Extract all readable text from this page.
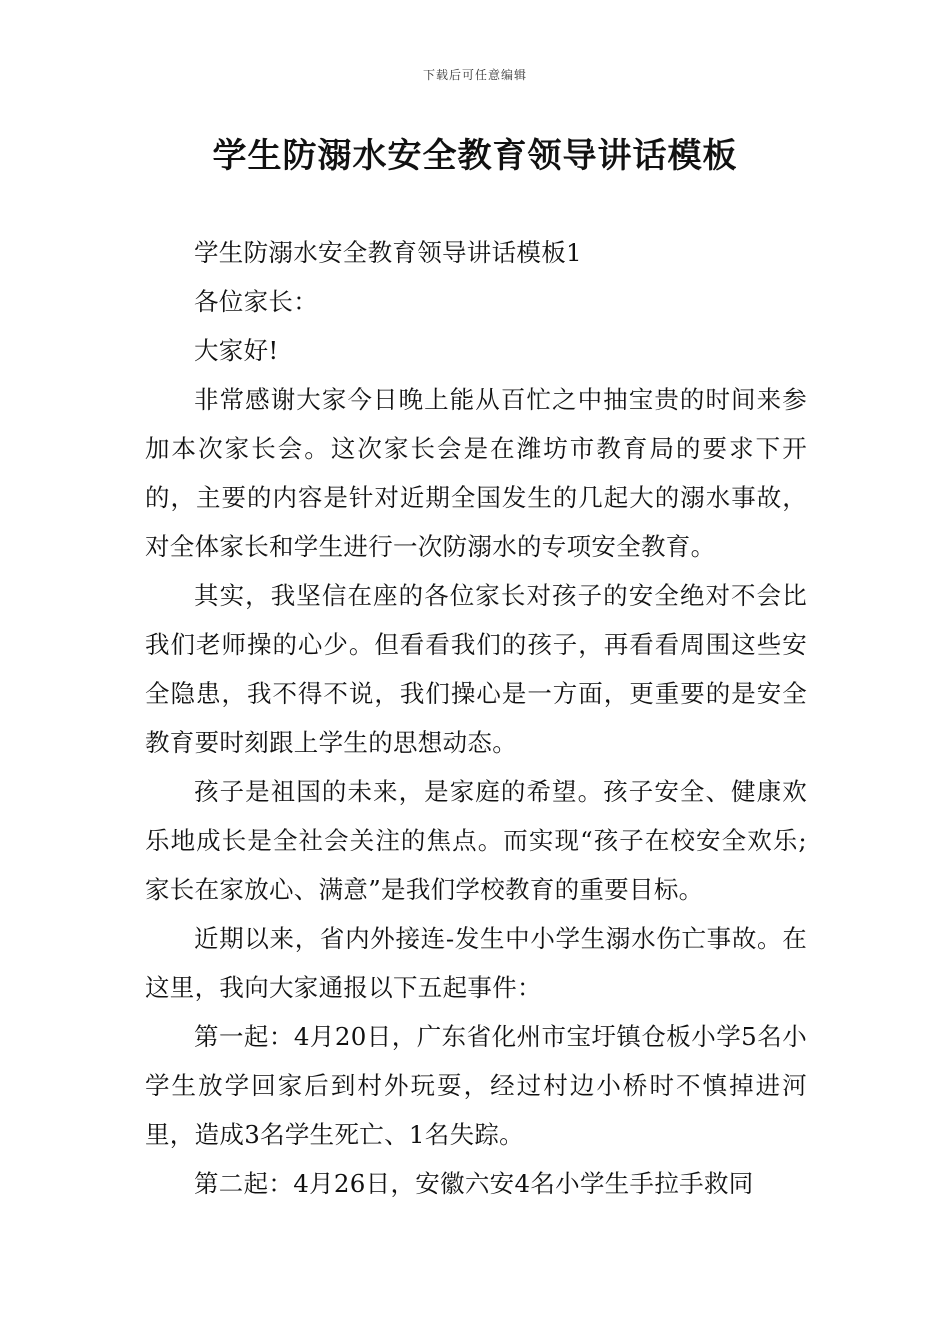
下载后可任意编辑
学生防溺水安全教育领导讲话模板

学生防溺水安全教育领导讲话模板1

各位家长：

大家好!

非常感谢大家今日晚上能从百忙之中抽宝贵的时间来参加本次家长会。这次家长会是在潍坊市教育局的要求下开的，主要的内容是针对近期全国发生的几起大的溺水事故，对全体家长和学生进行一次防溺水的专项安全教育。

其实，我坚信在座的各位家长对孩子的安全绝对不会比我们老师操的心少。但看看我们的孩子，再看看周围这些安全隐患，我不得不说，我们操心是一方面，更重要的是安全教育要时刻跟上学生的思想动态。

孩子是祖国的未来，是家庭的希望。孩子安全、健康欢乐地成长是全社会关注的焦点。而实现“孩子在校安全欢乐;家长在家放心、满意”是我们学校教育的重要目标。

近期以来，省内外接连-发生中小学生溺水伤亡事故。在这里，我向大家通报以下五起事件：

第一起：4月20日，广东省化州市宝圩镇仓板小学5名小学生放学回家后到村外玩耍，经过村边小桥时不慎掉进河里，造成3名学生死亡、1名失踪。

第二起：4月26日，安徽六安4名小学生手拉手救同
